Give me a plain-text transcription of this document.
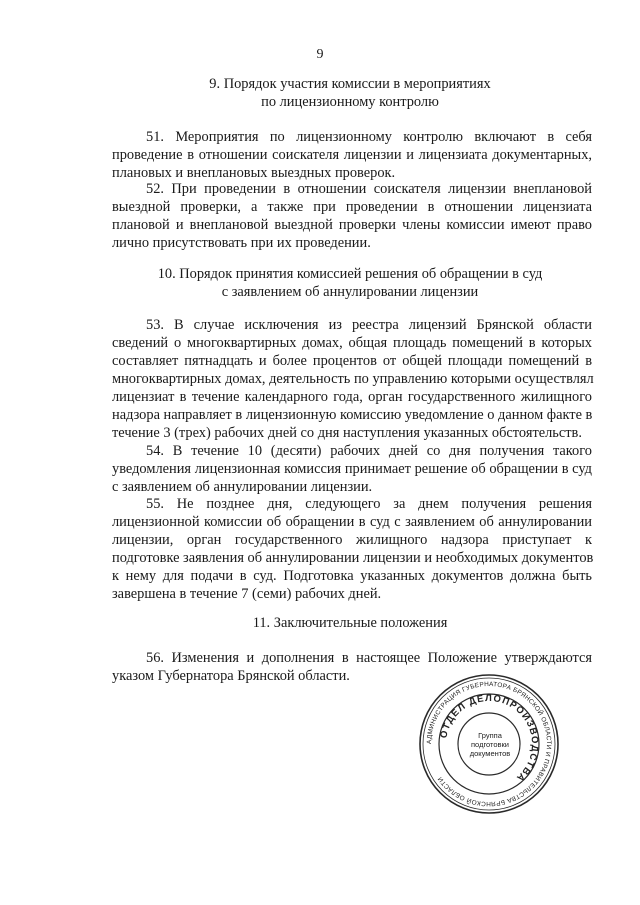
9
9. Порядок участия комиссии в мероприятиях
по лицензионному контролю
51. Мероприятия по лицензионному контролю включают в себя
проведение в отношении соискателя лицензии и лицензиата документарных,
плановых и внеплановых выездных проверок.
52. При проведении в отношении соискателя лицензии внеплановой
выездной проверки, а также при проведении в отношении лицензиата
плановой и внеплановой выездной проверки члены комиссии имеют право
лично присутствовать при их проведении.
10. Порядок принятия комиссией решения об обращении в суд
с заявлением об аннулировании лицензии
53. В случае исключения из реестра лицензий Брянской области
сведений о многоквартирных домах, общая площадь помещений в которых
составляет пятнадцать и более процентов от общей площади помещений в
многоквартирных домах, деятельность по управлению которыми осуществлял
лицензиат в течение календарного года, орган государственного жилищного
надзора направляет в лицензионную комиссию уведомление о данном факте в
течение 3 (трех) рабочих дней со дня наступления указанных обстоятельств.
54. В течение 10 (десяти) рабочих дней со дня получения такого
уведомления лицензионная комиссия принимает решение об обращении в суд
с заявлением об аннулировании лицензии.
55. Не позднее дня, следующего за днем получения решения
лицензионной комиссии об обращении в суд с заявлением об аннулировании
лицензии, орган государственного жилищного надзора приступает к
подготовке заявления об аннулировании лицензии и необходимых документов
к нему для подачи в суд. Подготовка указанных документов должна быть
завершена в течение 7 (семи) рабочих дней.
11. Заключительные положения
56. Изменения и дополнения в настоящее Положение утверждаются
указом Губернатора Брянской области.
АДМИНИСТРАЦИЯ ГУБЕРНАТОРА БРЯНСКОЙ ОБЛАСТИ И ПРАВИТЕЛЬСТВА БРЯНСКОЙ ОБЛАСТИ
ОТДЕЛ ДЕЛОПРОИЗВОДСТВА
Группа
подготовки
документов
